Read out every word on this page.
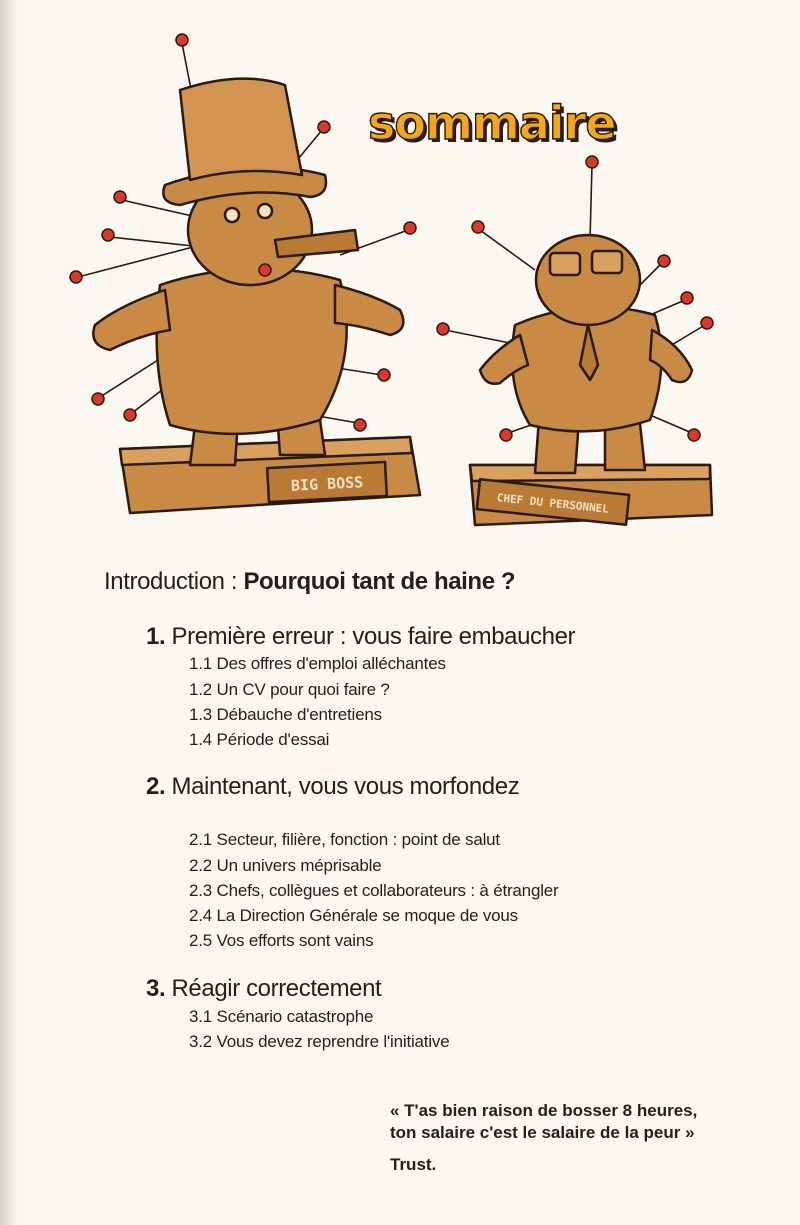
sommaire
BIG BOSS
CHEF DU PERSONNEL
Introduction : Pourquoi tant de haine ?
1. Première erreur : vous faire embaucher
1.1 Des offres d'emploi alléchantes
1.2 Un CV pour quoi faire ?
1.3 Débauche d'entretiens
1.4 Période d'essai
2. Maintenant, vous vous morfondez
2.1 Secteur, filière, fonction : point de salut
2.2 Un univers méprisable
2.3 Chefs, collègues et collaborateurs : à étrangler
2.4 La Direction Générale se moque de vous
2.5 Vos efforts sont vains
3. Réagir correctement
3.1 Scénario catastrophe
3.2 Vous devez reprendre l'initiative
« T'as bien raison de bosser 8 heures,
ton salaire c'est le salaire de la peur »
Trust.
